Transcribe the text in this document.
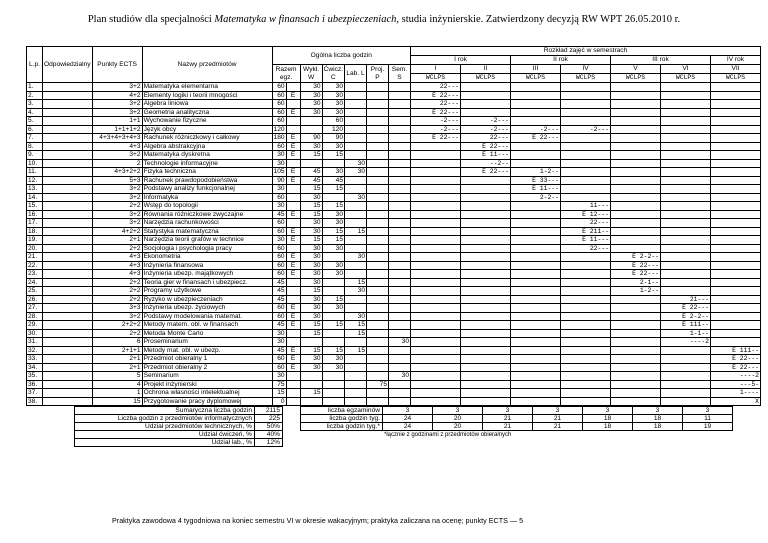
Plan studiów dla specjalności Matematyka w finansach i ubezpieczeniach, studia inżynierskie. Zatwierdzony decyzją RW WPT 26.05.2010 r.
L.p.	Odpowiedzialny	Punkty ECTS	Nazwy przedmiotów	Ogólna liczba godzin							Rozkład zajęć w semestrach						
											I rok		II rok		III rok		IV rok
				Razem egz.		Wykł. W	Ćwicz. C	Lab. L	Proj. P	Sem. S	I	II	III	IV	V	VI	VII
											WCLPS	WCLPS	WCLPS	WCLPS	WCLPS	WCLPS	WCLPS
1.		3+2	Matematyka elementarna	60		30	30				22---						
2.		4+2	Elementy logiki i teorii mnogości	60	E	30	30				E 22---						
3.		3+2	Algebra liniowa	60		30	30				22---						
4.		3+2	Geometria analityczna	60	E	30	30				E 22---						
5.		1+1	Wychowanie fizyczne	60			60				-2---	-2---					
6.		1+1+1+2	Język obcy	120			120				-2---	-2---	-2---	-2---			
7.		4+3+4+3+4+3	Rachunek różniczkowy i całkowy	180	E	90	90				E 22---	22---	E 22---				
8.		4+3	Algebra abstrakcyjna	60	E	30	30					E 22---					
9.		3+2	Matematyka dyskretna	30	E	15	15					E 11---					
10.		2	Technologie informacyjne	30				30				--2--					
11.		4+3+2+2	Fizyka techniczna	105	E	45	30	30				E 22---	1-2--				
12.		5+3	Rachunek prawdopodobieństwa	90	E	45	45						E 33---				
13.		3+2	Podstawy analizy funkcjonalnej	30		15	15						E 11---				
14.		3+2	Informatyka	60		30		30					2-2--				
15.		2+2	Wstęp do topologii	30		15	15							11---			
16.		3+2	Równania różniczkowe zwyczajne	45	E	15	30							E 12---			
17.		3+2	Narzędzia rachunkowości	60		30	30							22---			
18.		4+2+2	Statystyka matematyczna	60	E	30	15	15						E 211--			
19.		2+1	Narzędzia teorii grafów w technice	30	E	15	15							E 11---			
20.		2+2	Socjologia i psychologia pracy	60		30	30							22---			
21.		4+3	Ekonometria	60	E	30		30							E 2-2--		
22.		4+3	Inżynieria finansowa	60	E	30	30								E 22---		
23.		4+3	Inżynieria ubezp. majątkowych	60	E	30	30								E 22---		
24.		2+2	Teoria gier w finansach i ubezpiecz.	45		30		15							2-1--		
25.		2+2	Programy użytkowe	45		15		30							1-2--		
26.		2+2	Ryzyko w ubezpieczeniach	45		30	15									21---	
27.		3+3	Inżynieria ubezp. życiowych	60	E	30	30									E 22---	
28.		3+2	Podstawy modelowania matemat.	60	E	30		30								E 2-2--	
29.		2+2+2	Metody matem. obl. w finansach	45	E	15	15	15								E 111--	
30.		2+2	Metoda Monte Carlo	30		15		15								1-1--	
31.		6	Proseminarium	30						30						----2	
32.		2+1+1	Metody mat. obl. w ubezp.	45	E	15	15	15									E 111--
33.		2+1	Przedmiot obieralny 1	60	E	30	30										E 22---
34.		2+1	Przedmiot obieralny 2	60	E	30	30										E 22---
35.		5	Seminarium	30						30							----2
36.		4	Projekt inżynierski	75					75								---5-
37.		1	Ochrona własności intelektualnej	15		15											1----
38.		15	Przygotowanie pracy dyplomowej	0													X
Sumaryczna liczba godzin	2115
Liczba godzin z przedmiotów informatycznych	225
Udział przedmiotów technicznych, %	50%
Udział ćwiczeń, %	40%
Udział lab., %	12%
liczba egzaminów	3	3	3	3	3	3	3
liczba godzin tyg.	24	20	21	21	18	18	11
liczba godzin tyg.*	24	20	21	21	18	18	19
*łącznie z godzinami z przedmiotów obieralnych
Praktyka zawodowa 4 tygodniowa na koniec semestru VI w okresie wakacyjnym; praktyka zaliczana na ocenę; punkty ECTS — 5
